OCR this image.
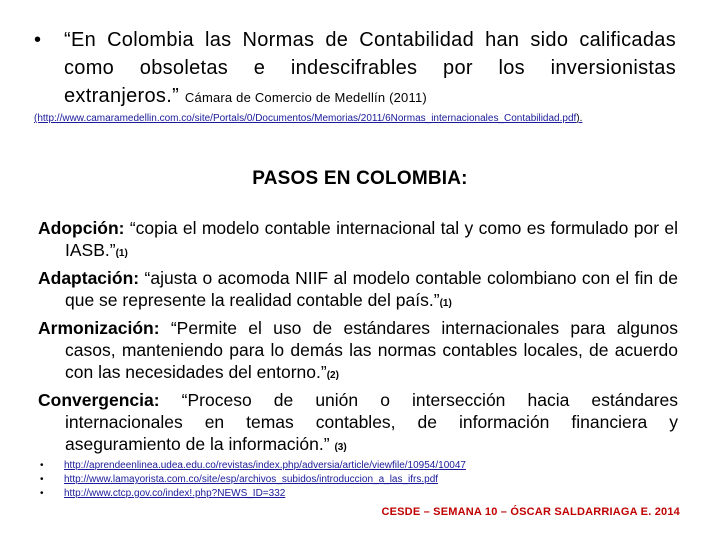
• “En Colombia las Normas de Contabilidad han sido calificadas como obsoletas e indescifrables por los inversionistas extranjeros.” Cámara de Comercio de Medellín (2011)
(http://www.camaramedellin.com.co/site/Portals/0/Documentos/Memorias/2011/6Normas_internacionales_Contabilidad.pdf).
PASOS EN COLOMBIA:

Adopción: “copia el modelo contable internacional tal y como es formulado por el IASB.”(1)

Adaptación: “ajusta o acomoda NIIF al modelo contable colombiano con el fin de que se represente la realidad contable del país.”(1)

Armonización: “Permite el uso de estándares internacionales para algunos casos, manteniendo para lo demás las normas contables locales, de acuerdo con las necesidades del entorno.”(2)

Convergencia: “Proceso de unión o intersección hacia estándares internacionales en temas contables, de información financiera y aseguramiento de la información.” (3)

•	http://aprendeenlinea.udea.edu.co/revistas/index.php/adversia/article/viewfile/10954/10047
•	http://www.lamayorista.com.co/site/esp/archivos_subidos/introduccion_a_las_ifrs.pdf
•	http://www.ctcp.gov.co/index!.php?NEWS_ID=332
CESDE – SEMANA 10 – ÓSCAR SALDARRIAGA E. 2014
